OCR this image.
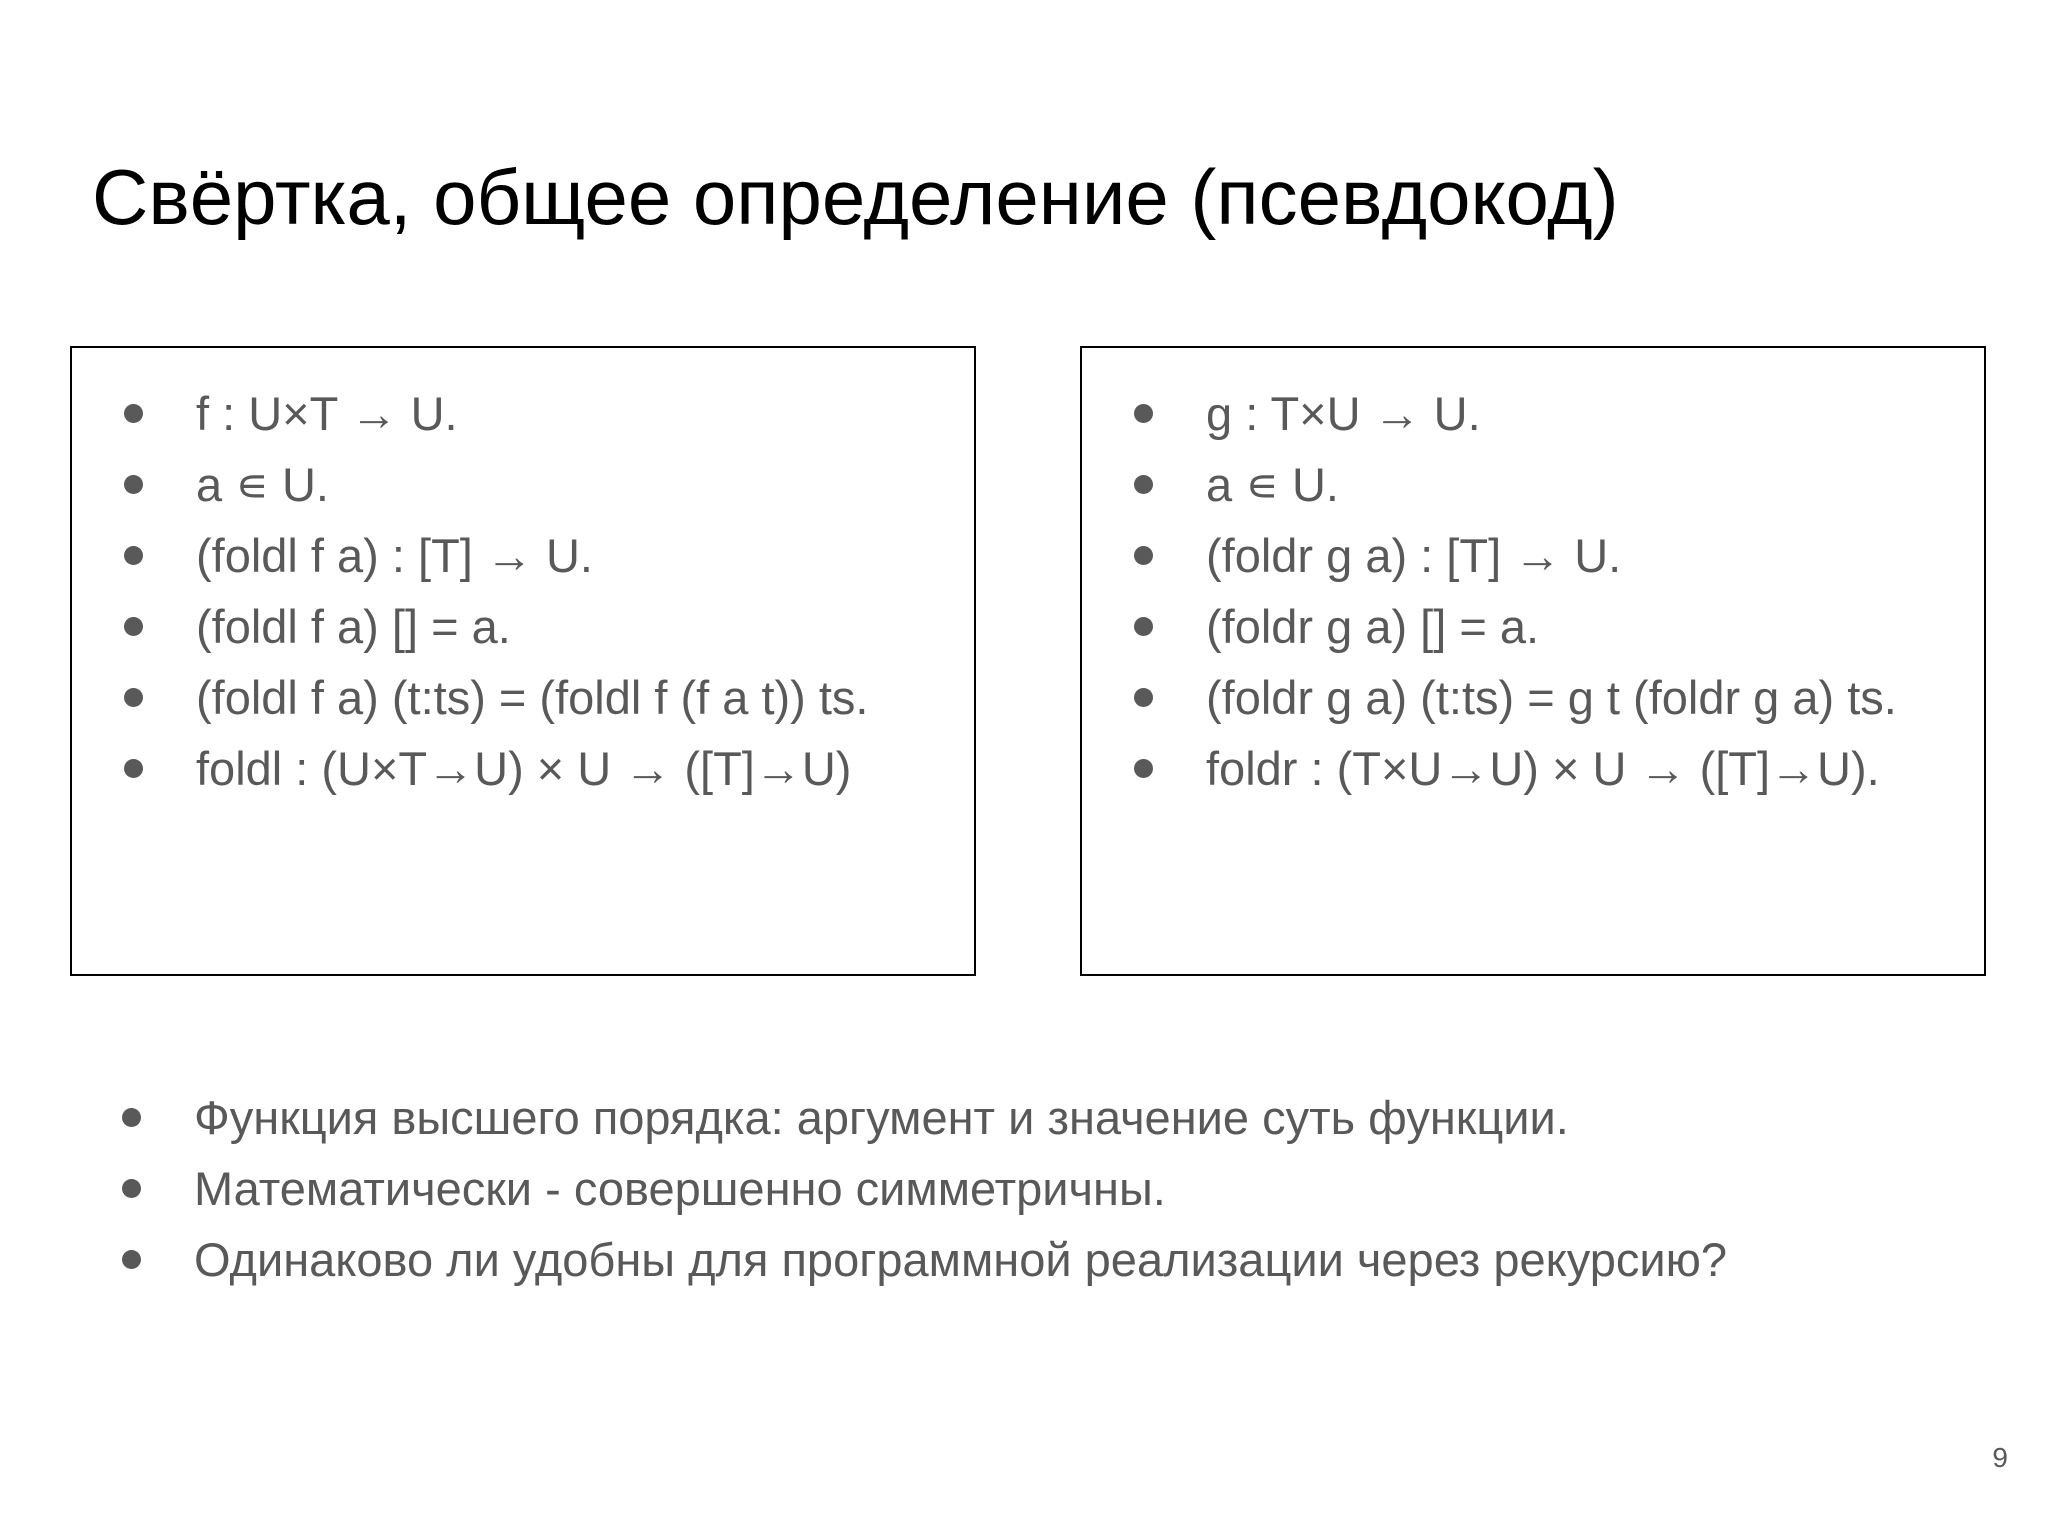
Свёртка, общее определение (псевдокод)
f : U×T → U.
a ∊ U.
(foldl f a) : [T] → U.
(foldl f a) [] = a.
(foldl f a) (t:ts) = (foldl f (f a t)) ts.
foldl : (U×T→U) × U → ([T]→U)
g : T×U → U.
a ∊ U.
(foldr g a) : [T] → U.
(foldr g a) [] = a.
(foldr g a) (t:ts) = g t (foldr g a) ts.
foldr : (T×U→U) × U → ([T]→U).
Функция высшего порядка: аргумент и значение суть функции.
Математически - совершенно симметричны.
Одинаково ли удобны для программной реализации через рекурсию?
9
